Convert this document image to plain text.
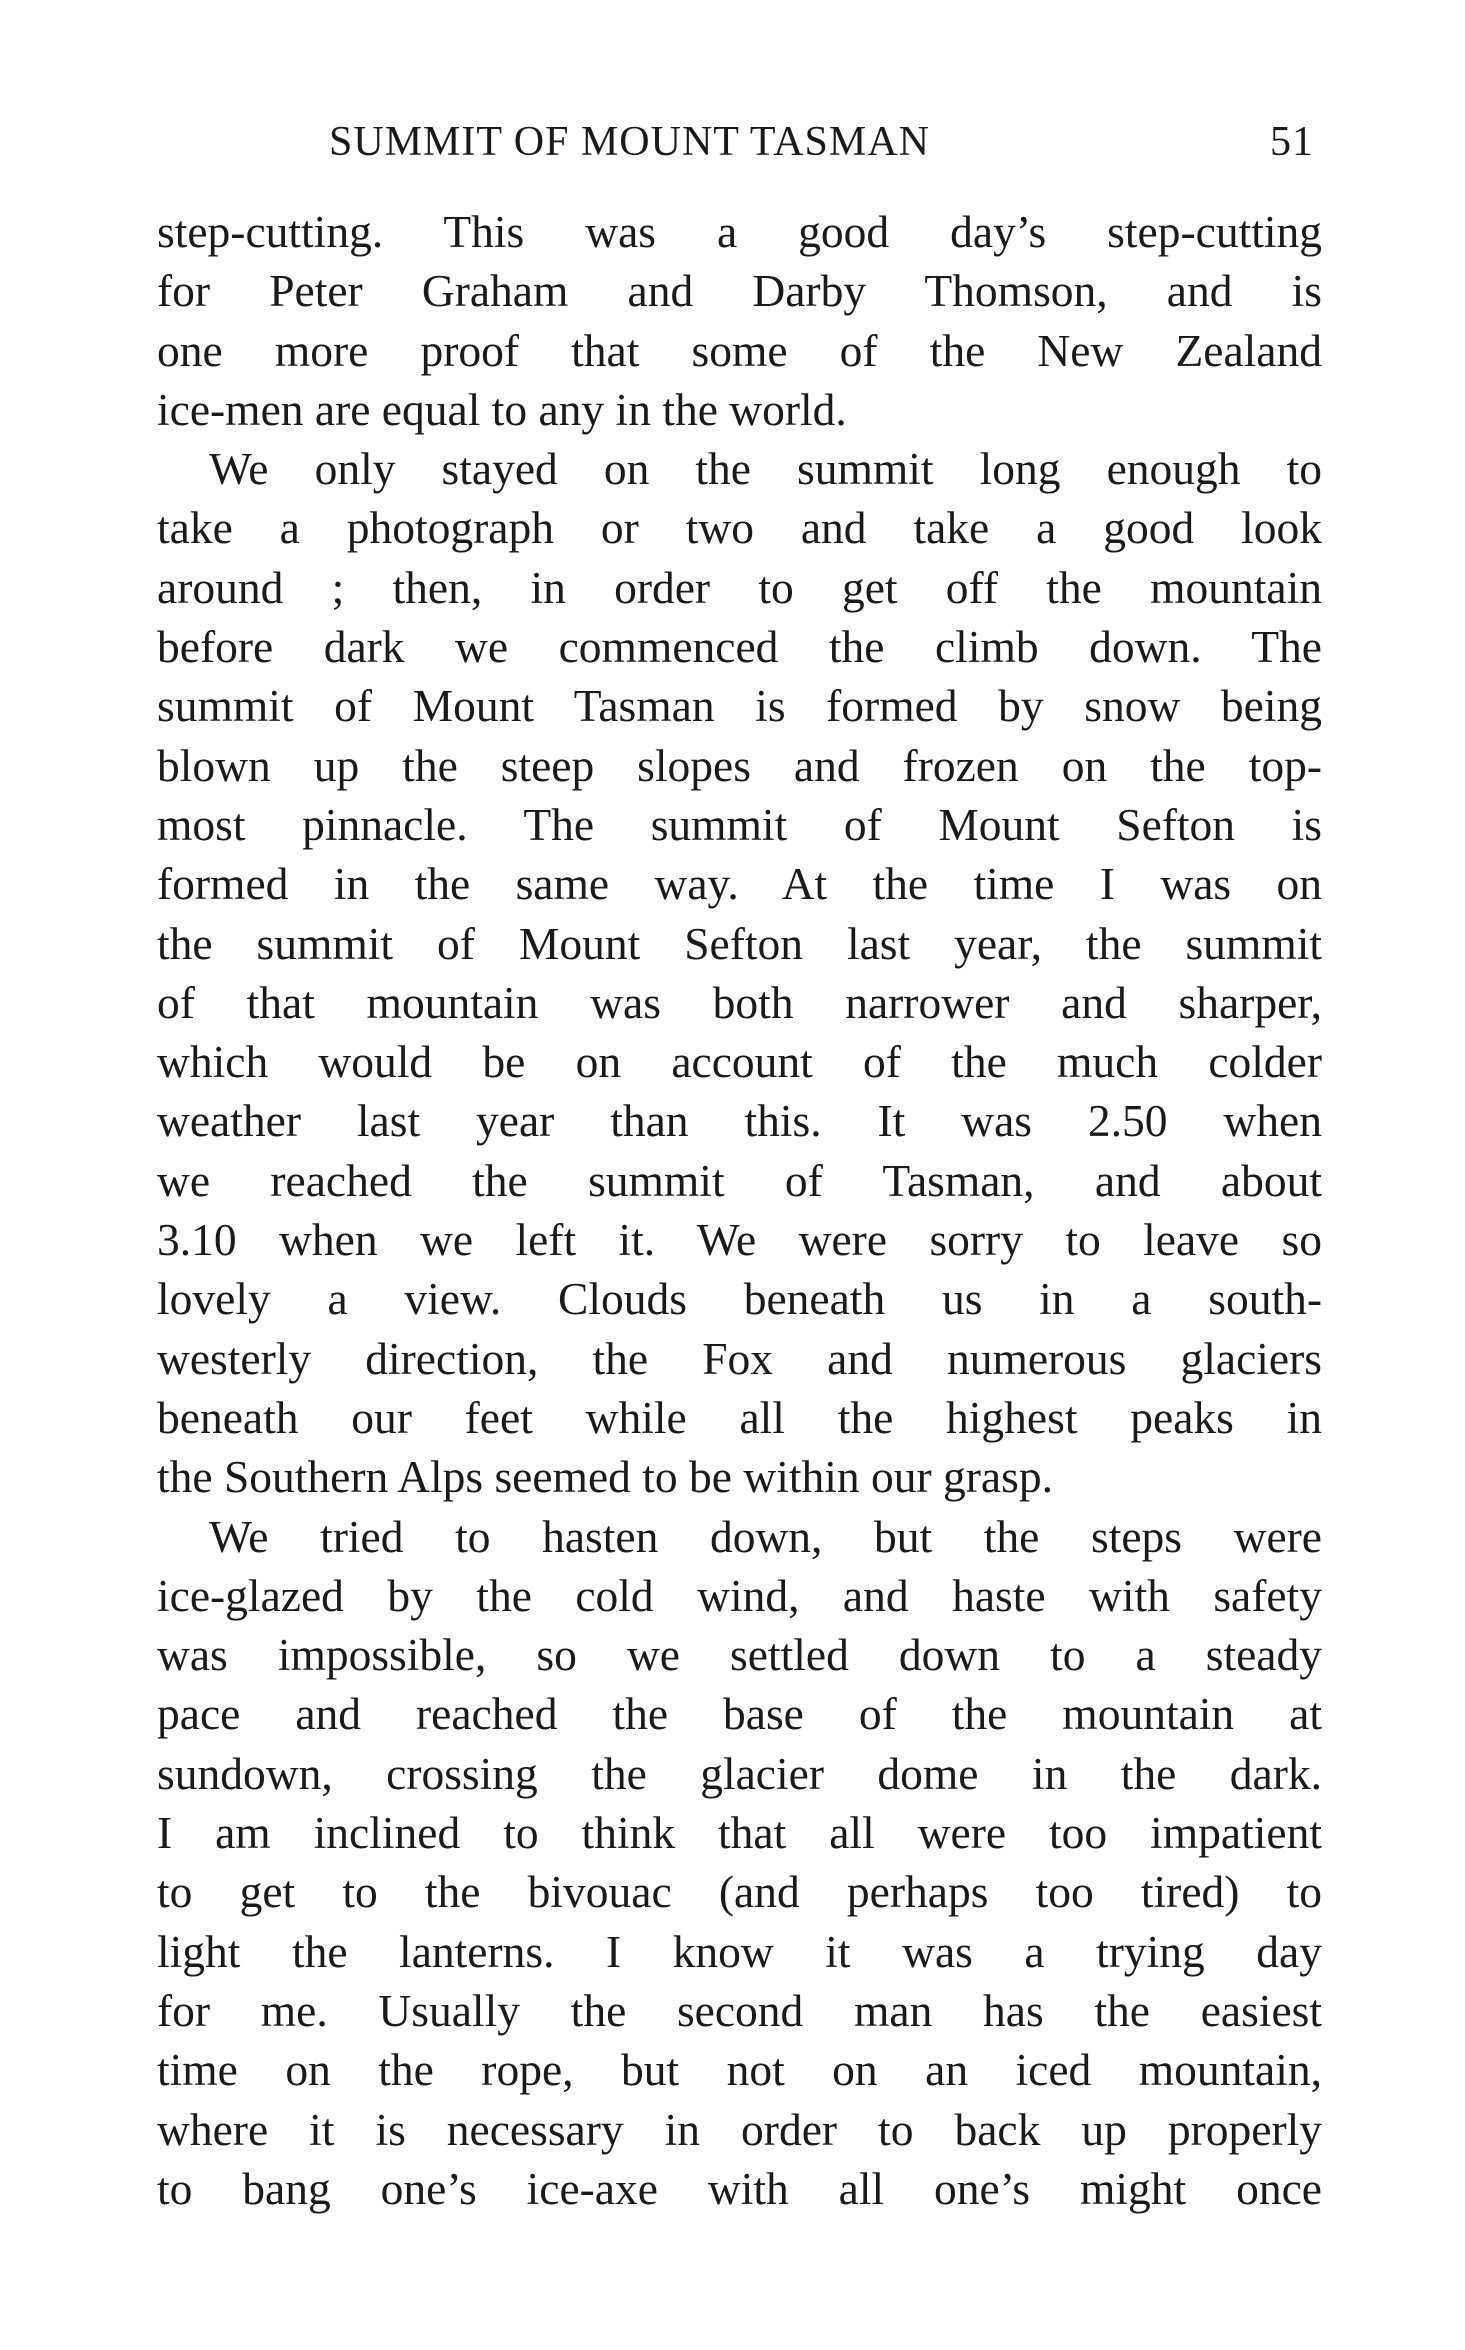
SUMMIT OF MOUNT TASMAN	51
step-cutting. This was a good day’s step-cutting
for Peter Graham and Darby Thomson, and is
one more proof that some of the New Zealand
ice-men are equal to any in the world.
We only stayed on the summit long enough to
take a photograph or two and take a good look
around ; then, in order to get off the mountain
before dark we commenced the climb down. The
summit of Mount Tasman is formed by snow being
blown up the steep slopes and frozen on the top-
most pinnacle. The summit of Mount Sefton is
formed in the same way. At the time I was on
the summit of Mount Sefton last year, the summit
of that mountain was both narrower and sharper,
which would be on account of the much colder
weather last year than this. It was 2.50 when
we reached the summit of Tasman, and about
3.10 when we left it. We were sorry to leave so
lovely a view. Clouds beneath us in a south-
westerly direction, the Fox and numerous glaciers
beneath our feet while all the highest peaks in
the Southern Alps seemed to be within our grasp.
We tried to hasten down, but the steps were
ice-glazed by the cold wind, and haste with safety
was impossible, so we settled down to a steady
pace and reached the base of the mountain at
sundown, crossing the glacier dome in the dark.
I am inclined to think that all were too impatient
to get to the bivouac (and perhaps too tired) to
light the lanterns. I know it was a trying day
for me. Usually the second man has the easiest
time on the rope, but not on an iced mountain,
where it is necessary in order to back up properly
to bang one’s ice-axe with all one’s might once
